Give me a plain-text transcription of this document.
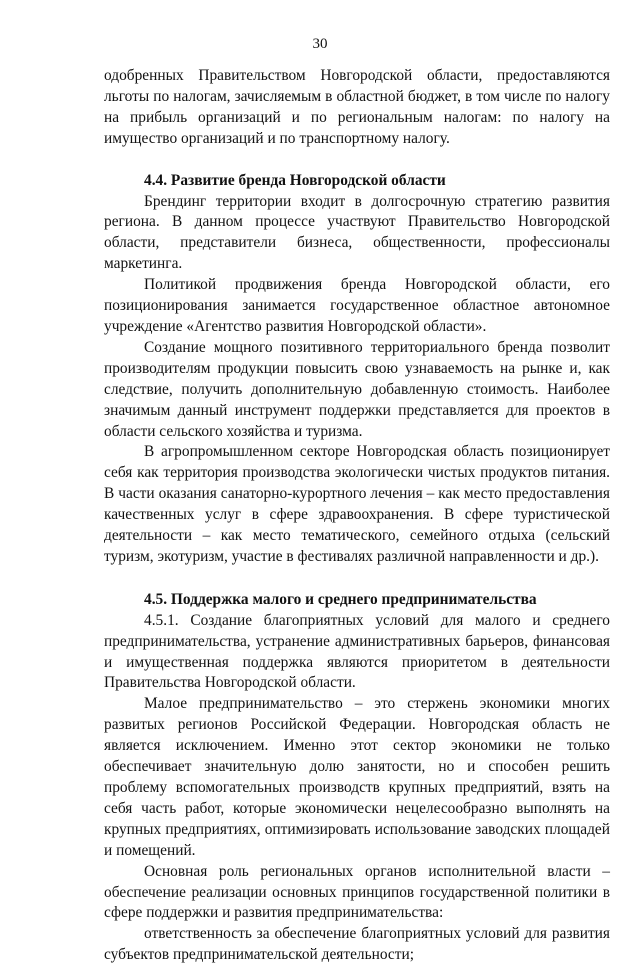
30

одобренных Правительством Новгородской области, предоставляются льготы по налогам, зачисляемым в областной бюджет, в том числе по налогу на прибыль организаций и по региональным налогам: по налогу на имущество организаций и по транспортному налогу.

4.4. Развитие бренда Новгородской области

Брендинг территории входит в долгосрочную стратегию развития региона. В данном процессе участвуют Правительство Новгородской области, представители бизнеса, общественности, профессионалы маркетинга.

Политикой продвижения бренда Новгородской области, его позиционирования занимается государственное областное автономное учреждение «Агентство развития Новгородской области».

Создание мощного позитивного территориального бренда позволит производителям продукции повысить свою узнаваемость на рынке и, как следствие, получить дополнительную добавленную стоимость. Наиболее значимым данный инструмент поддержки представляется для проектов в области сельского хозяйства и туризма.

В агропромышленном секторе Новгородская область позиционирует себя как территория производства экологически чистых продуктов питания. В части оказания санаторно-курортного лечения – как место предоставления качественных услуг в сфере здравоохранения. В сфере туристической деятельности – как место тематического, семейного отдыха (сельский туризм, экотуризм, участие в фестивалях различной направленности и др.).

4.5. Поддержка малого и среднего предпринимательства

4.5.1. Создание благоприятных условий для малого и среднего предпринимательства, устранение административных барьеров, финансовая и имущественная поддержка являются приоритетом в деятельности Правительства Новгородской области.

Малое предпринимательство – это стержень экономики многих развитых регионов Российской Федерации. Новгородская область не является исключением. Именно этот сектор экономики не только обеспечивает значительную долю занятости, но и способен решить проблему вспомогательных производств крупных предприятий, взять на себя часть работ, которые экономически нецелесообразно выполнять на крупных предприятиях, оптимизировать использование заводских площадей и помещений.

Основная роль региональных органов исполнительной власти – обеспечение реализации основных принципов государственной политики в сфере поддержки и развития предпринимательства:

ответственность за обеспечение благоприятных условий для развития субъектов предпринимательской деятельности;
